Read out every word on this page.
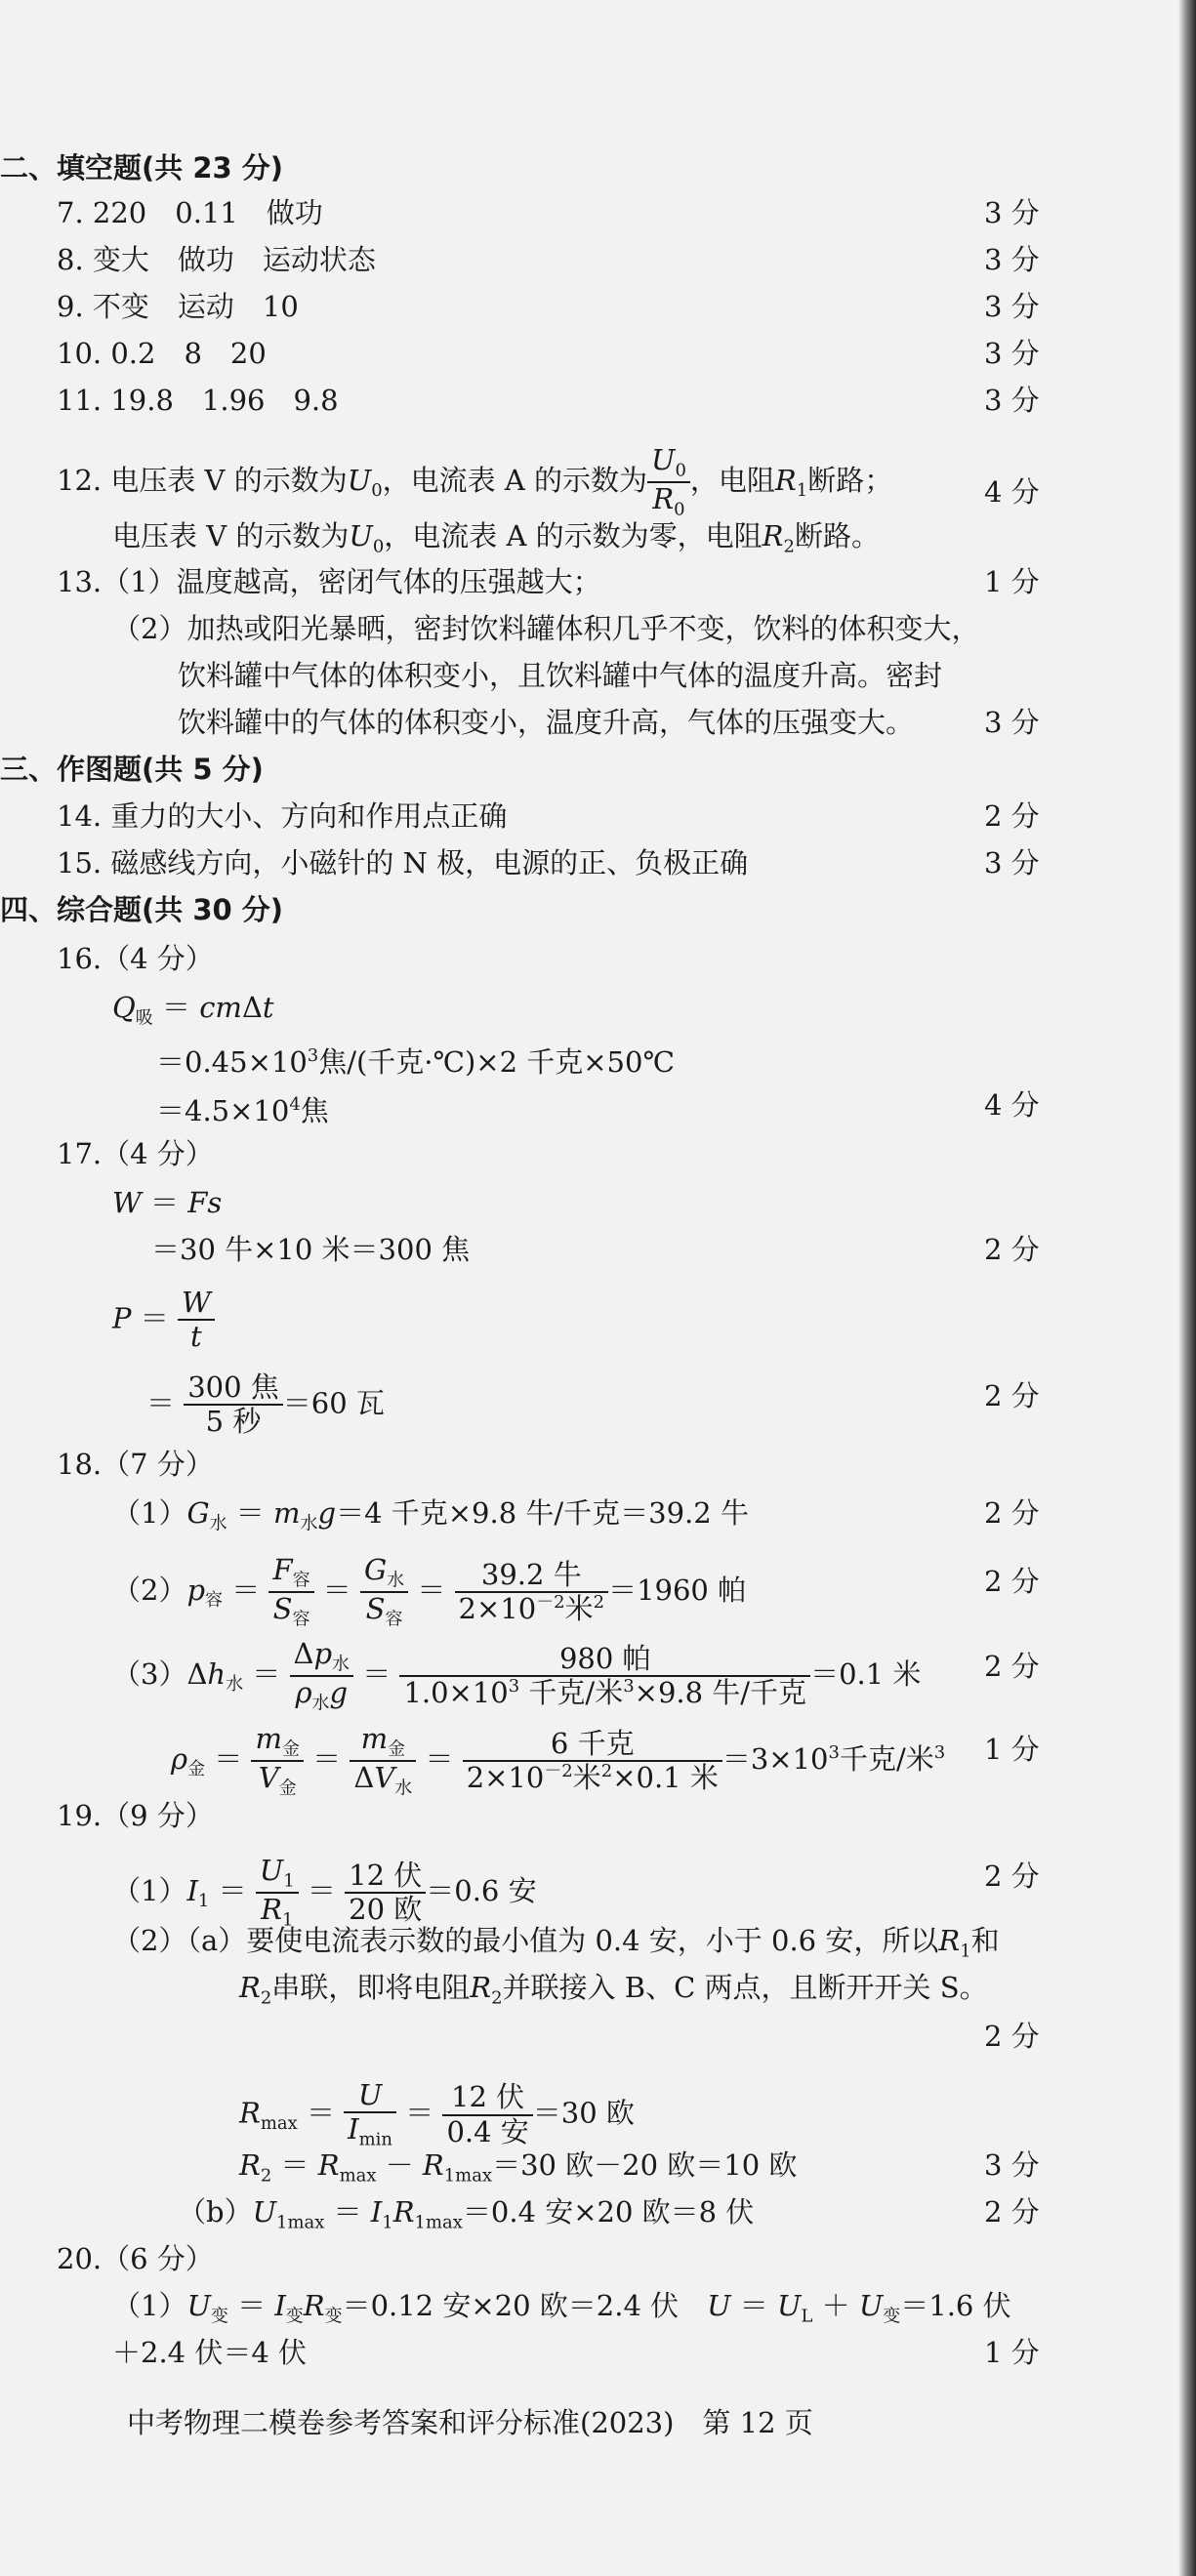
二、填空题(共 23 分)
7. 220　0.11　做功	3 分
8. 变大　做功　运动状态	3 分
9. 不变　运动　10	3 分
10. 0.2　8　20	3 分
11. 19.8　1.96　9.8	3 分
12. 电压表 V 的示数为$U_0$，电流表 A 的示数为 $\frac{U_0}{R_0}$ ，电阻$R_1$断路；	4 分
电压表 V 的示数为$U_0$，电流表 A 的示数为零，电阻$R_2$断路。
13.（1）温度越高，密闭气体的压强越大；	1 分
（2）加热或阳光暴晒，密封饮料罐体积几乎不变，饮料的体积变大，
饮料罐中气体的体积变小，且饮料罐中气体的温度升高。密封
饮料罐中的气体的体积变小，温度升高，气体的压强变大。 3 分
三、作图题(共 5 分)
14. 重力的大小、方向和作用点正确	2 分
15. 磁感线方向，小磁针的 N 极，电源的正、负极正确	3 分
四、综合题(共 30 分)
16.（4 分）
$Q_吸 = cm\Delta t$
$=0.45\times 10^3$焦/(千克·℃)×2 千克×50℃
$=4.5\times 10^4$焦	4 分
17.（4 分）
W ＝ Fs
＝30 牛×10 米＝300 焦	2 分
$P = \frac{W}{t}$
＝ $\frac{\text{300 焦}}{\text{5 秒}} =60$ 瓦	2 分
18.（7 分）
$(1)G_水 = m_水g=4$ 千克×9.8 牛/千克＝39.2 牛	2 分
$(2)p_容 = \frac{F_容}{S_容} = \frac{G_水}{S_容} = \frac{\text{39.2 牛}}{2\times 10^{-2}米^2} =1960$ 帕	2 分
$(3)\Delta h_水 = \frac{\Delta p_水}{\rho_水g} = \frac{\text{980 帕}}{1.0\times 10^3 千克/米^3\times 9.8 牛/千克} =0.1$ 米 2 分
$\rho_金 = \frac{m_金}{V_金} = \frac{m_金}{\Delta V_水} = \frac{\text{6 千克}}{2\times 10^{-2}米^2\times 0.1 米} =3\times 10^3$千克/米$^3$ 1 分
19.（9 分）
$(1)I_1 = \frac{U_1}{R_1} = \frac{\text{12 伏}}{\text{20 欧}} =0.6$ 安	2 分
（2）（a）要使电流表示数的最小值为 0.4 安，小于 0.6 安，所以$R_1$和
$R_2$串联，即将电阻$R_2$并联接入 B、C 两点，且断开开关 S。
2 分
$R_{max} = \frac{U}{I_{min}} = \frac{\text{12 伏}}{\text{0.4 安}} =30$ 欧
$R_2 = R_{max} - R_{1max}=30$ 欧－20 欧＝10 欧	3 分
$(b)U_{1max} = I_1R_{1max}=0.4$ 安×20 欧＝8 伏	2 分
20.（6 分）
$(1)U_变 = I_变R_变=0.12$ 安×20 欧＝2.4 伏　 $U = U_L + U_变=1.6$ 伏
＋2.4 伏＝4 伏	1 分
中考物理二模卷参考答案和评分标准(2023)　第 12 页
